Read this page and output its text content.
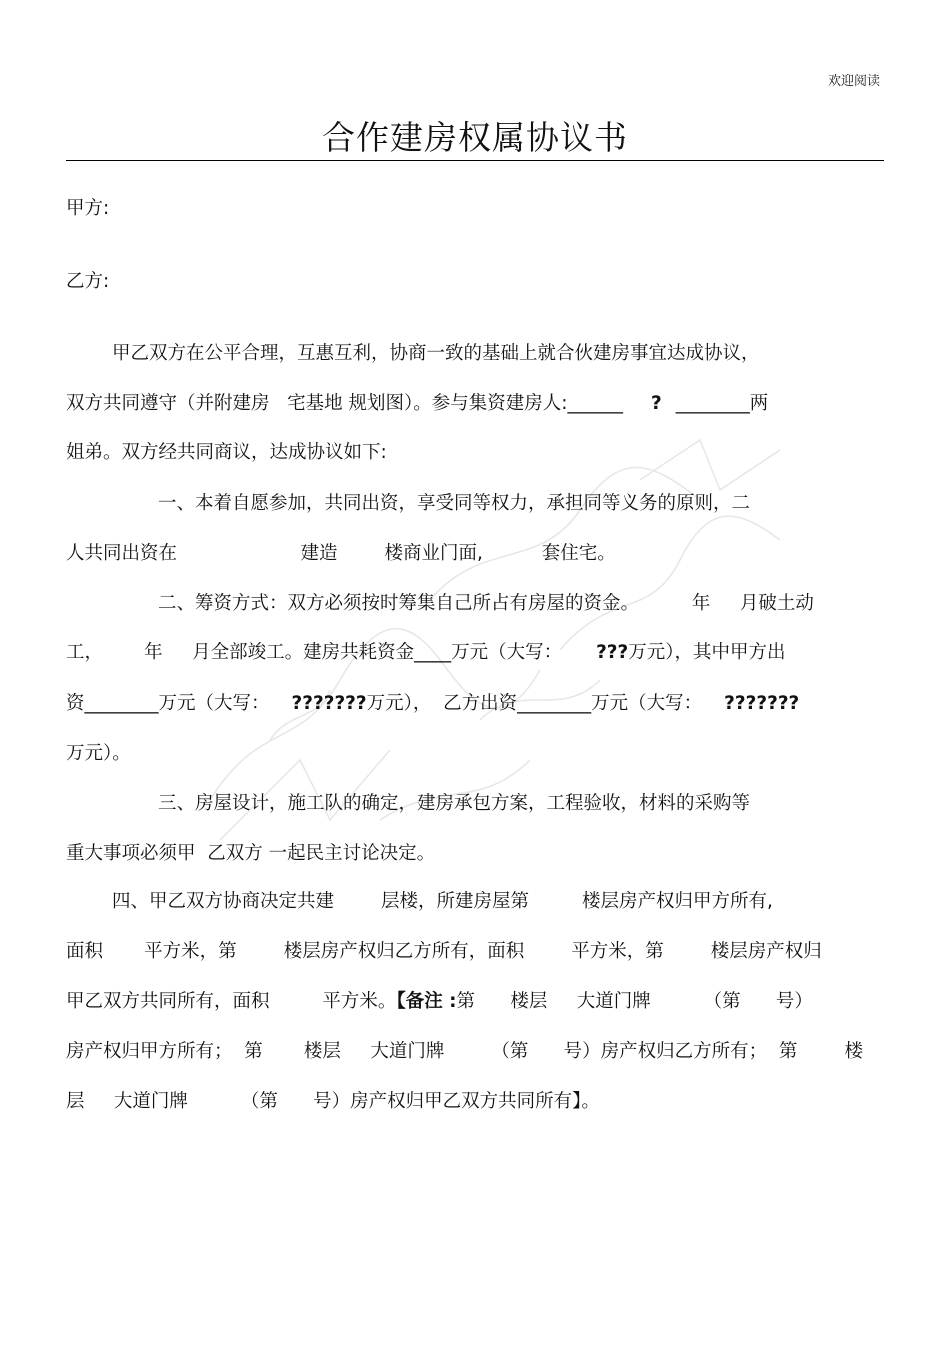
欢迎阅读
合作建房权属协议书
甲方:
乙方:
甲乙双方在公平合理，互惠互利，协商一致的基础上就合伙建房事宜达成协议，
双方共同遵守（并附建房   宅基地 规划图）。参与集资建房人:______ ? ________两
姐弟。双方经共同商议，达成协议如下:
一、本着自愿参加，共同出资，享受同等权力，承担同等义务的原则，二
人共同出资在                     建造        楼商业门面,          套住宅。
二、筹资方式：双方必须按时筹集自己所占有房屋的资金。         年     月破土动
工，       年     月全部竣工。建房共耗资金____万元（大写： ???万元），其中甲方出
资________万元（大写： ???????万元），  乙方出资________万元（大写： ???????
万元）。
三、房屋设计，施工队的确定，建房承包方案，工程验收，材料的采购等
重大事项必须甲  乙双方 一起民主讨论决定。
四、甲乙双方协商决定共建        层楼，所建房屋第         楼层房产权归甲方所有,
面积       平方米，第        楼层房产权归乙方所有，面积        平方米，第        楼层房产权归
甲乙双方共同所有，面积         平方米。【备注 :第      楼层     大道门牌         （第      号）
房产权归甲方所有；  第       楼层     大道门牌        （第      号）房产权归乙方所有；  第        楼
层     大道门牌         （第      号）房产权归甲乙双方共同所有】。
